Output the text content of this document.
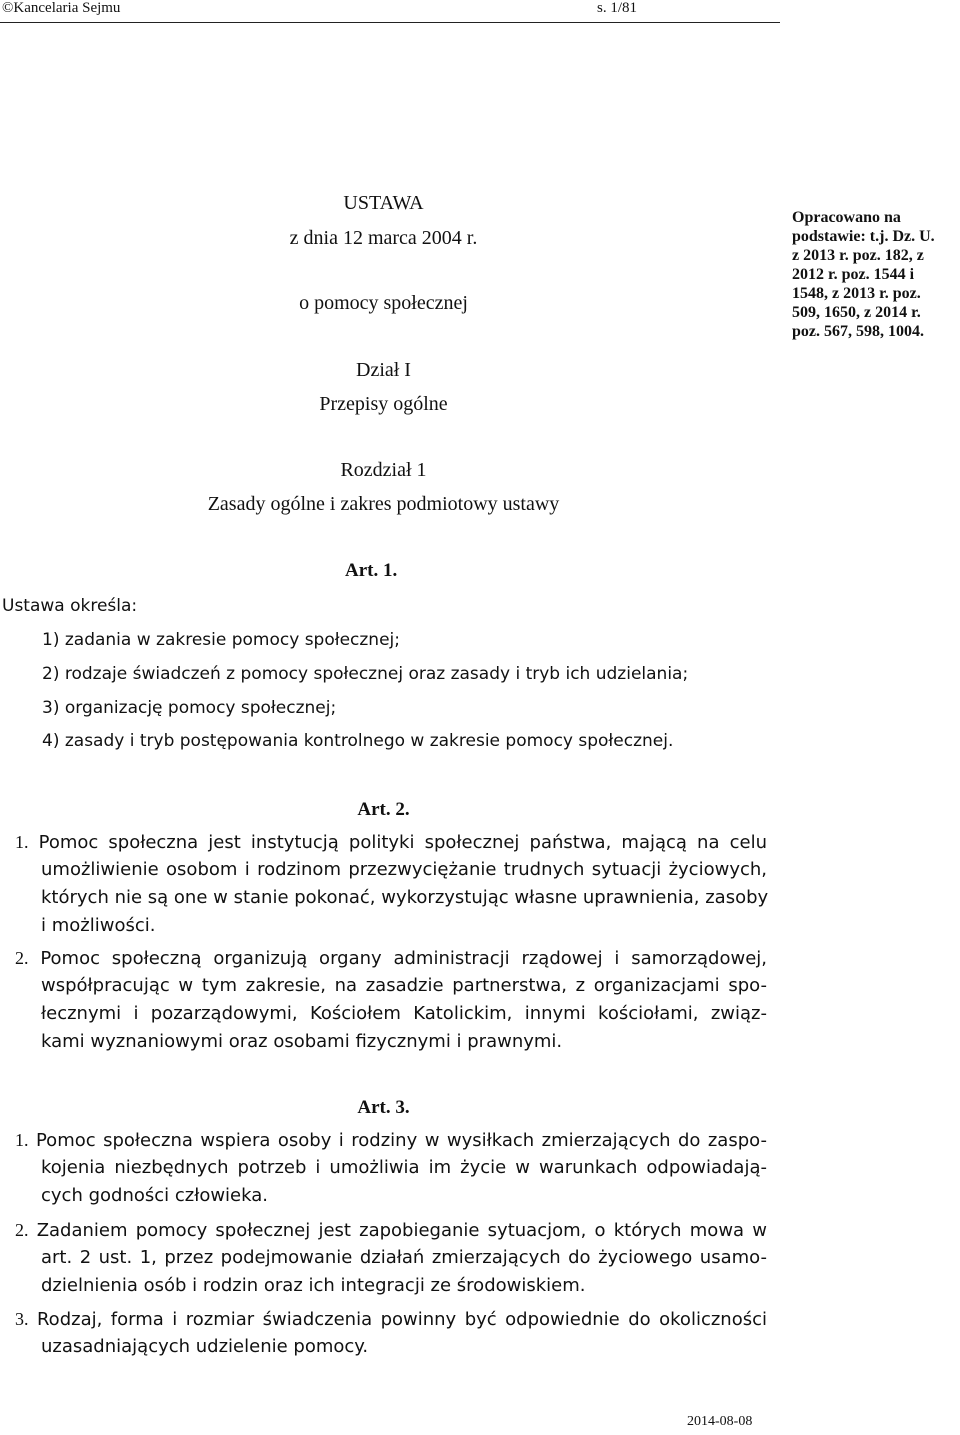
©Kancelaria Sejmu	s. 1/81
USTAWA
z dnia 12 marca 2004 r.
o pomocy społecznej
Dział I
Przepisy ogólne
Rozdział 1
Zasady ogólne i zakres podmiotowy ustawy
Opracowano na
podstawie: t.j. Dz. U.
z 2013 r. poz. 182, z
2012 r. poz. 1544 i
1548, z 2013 r. poz.
509, 1650, z 2014 r.
poz. 567, 598, 1004.
Art. 1.
Ustawa określa:
1) zadania w zakresie pomocy społecznej;
2) rodzaje świadczeń z pomocy społecznej oraz zasady i tryb ich udzielania;
3) organizację pomocy społecznej;
4) zasady i tryb postępowania kontrolnego w zakresie pomocy społecznej.
Art. 2.
1. Pomoc społeczna jest instytucją polityki społecznej państwa, mającą na celu
umożliwienie osobom i rodzinom przezwyciężanie trudnych sytuacji życiowych,
których nie są one w stanie pokonać, wykorzystując własne uprawnienia, zasoby
i możliwości.
2. Pomoc społeczną organizują organy administracji rządowej i samorządowej,
współpracując w tym zakresie, na zasadzie partnerstwa, z organizacjami spo-
łecznymi i pozarządowymi, Kościołem Katolickim, innymi kościołami, związ-
kami wyznaniowymi oraz osobami fizycznymi i prawnymi.
Art. 3.
1. Pomoc społeczna wspiera osoby i rodziny w wysiłkach zmierzających do zaspo-
kojenia niezbędnych potrzeb i umożliwia im życie w warunkach odpowiadają-
cych godności człowieka.
2. Zadaniem pomocy społecznej jest zapobieganie sytuacjom, o których mowa w
art. 2 ust. 1, przez podejmowanie działań zmierzających do życiowego usamo-
dzielnienia osób i rodzin oraz ich integracji ze środowiskiem.
3. Rodzaj, forma i rozmiar świadczenia powinny być odpowiednie do okoliczności
uzasadniających udzielenie pomocy.
2014-08-08
